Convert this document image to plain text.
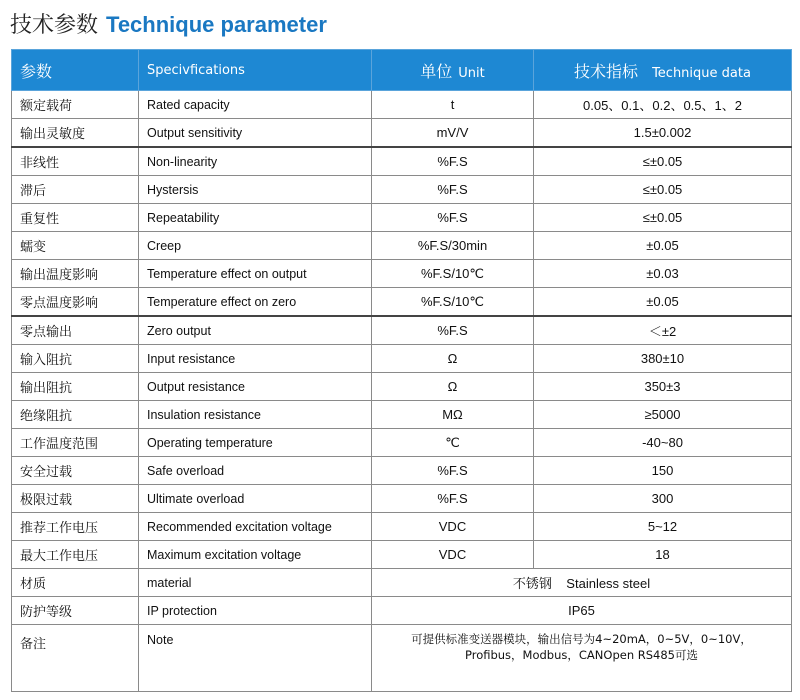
技术参数 Technique parameter
参数	Specivfications	单位 Unit	技术指标 Technique data
额定载荷	Rated capacity	t	0.05、0.1、0.2、0.5、1、2
输出灵敏度	Output sensitivity	mV/V	1.5±0.002
非线性	Non-linearity	%F.S	≤±0.05
滞后	Hystersis	%F.S	≤±0.05
重复性	Repeatability	%F.S	≤±0.05
蠕变	Creep	%F.S/30min	±0.05
输出温度影响	Temperature effect on output	%F.S/10℃	±0.03
零点温度影响	Temperature effect on zero	%F.S/10℃	±0.05
零点输出	Zero output	%F.S	＜±2
输入阻抗	Input resistance	Ω	380±10
输出阻抗	Output resistance	Ω	350±3
绝缘阻抗	Insulation resistance	MΩ	≥5000
工作温度范围	Operating temperature	℃	-40~80
安全过载	Safe overload	%F.S	150
极限过载	Ultimate overload	%F.S	300
推荐工作电压	Recommended excitation voltage	VDC	5~12
最大工作电压	Maximum excitation voltage	VDC	18
材质	material	不锈钢    Stainless steel	
防护等级	IP protection	IP65	
备注	Note	可提供标准变送器模块，输出信号为4~20mA，0~5V，0~10V，
Profibus，Modbus，CANOpen RS485可选	
